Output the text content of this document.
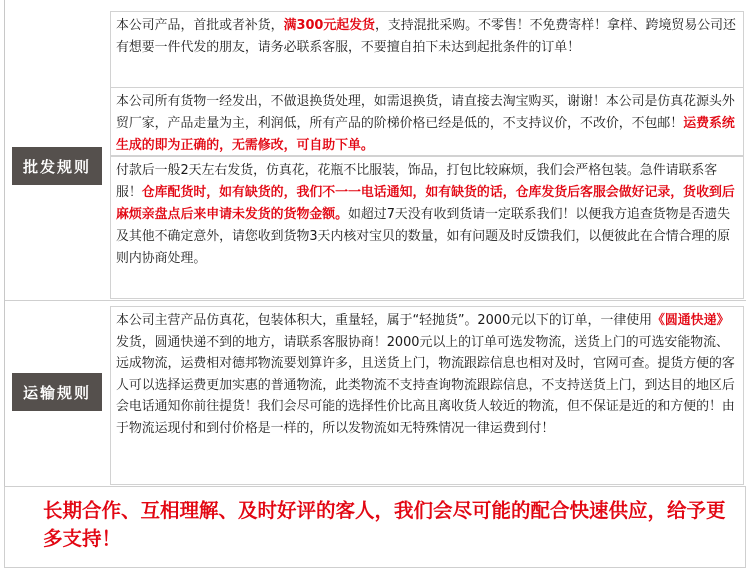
批发规则
本公司产品，首批或者补货，满300元起发货，支持混批采购。不零售！不免费寄样！拿样、跨境贸易公司还有想要一件代发的朋友，请务必联系客服，不要擅自拍下未达到起批条件的订单！
本公司所有货物一经发出，不做退换货处理，如需退换货，请直接去淘宝购买，谢谢！本公司是仿真花源头外贸厂家，产品走量为主，利润低，所有产品的阶梯价格已经是低的，不支持议价，不改价，不包邮！运费系统生成的即为正确的，无需修改，可自助下单。
付款后一般2天左右发货，仿真花，花瓶不比服装，饰品，打包比较麻烦，我们会严格包装。急件请联系客服！仓库配货时，如有缺货的，我们不一一电话通知，如有缺货的话，仓库发货后客服会做好记录，货收到后麻烦亲盘点后来申请未发货的货物金额。如超过7天没有收到货请一定联系我们！以便我方追查货物是否遗失及其他不确定意外，请您收到货物3天内核对宝贝的数量，如有问题及时反馈我们，以便彼此在合情合理的原则内协商处理。
运输规则
本公司主营产品仿真花，包装体积大，重量轻，属于“轻抛货”。2000元以下的订单，一律使用《圆通快递》发货，圆通快递不到的地方，请联系客服协商！2000元以上的订单可选发物流，送货上门的可选安能物流、远成物流，运费相对德邦物流要划算许多，且送货上门，物流跟踪信息也相对及时，官网可查。提货方便的客人可以选择运费更加实惠的普通物流，此类物流不支持查询物流跟踪信息，不支持送货上门，到达目的地区后会电话通知你前往提货！我们会尽可能的选择性价比高且离收货人较近的物流，但不保证是近的和方便的！由于物流运现付和到付价格是一样的，所以发物流如无特殊情况一律运费到付！
长期合作、互相理解、及时好评的客人，我们会尽可能的配合快速供应，给予更多支持！
